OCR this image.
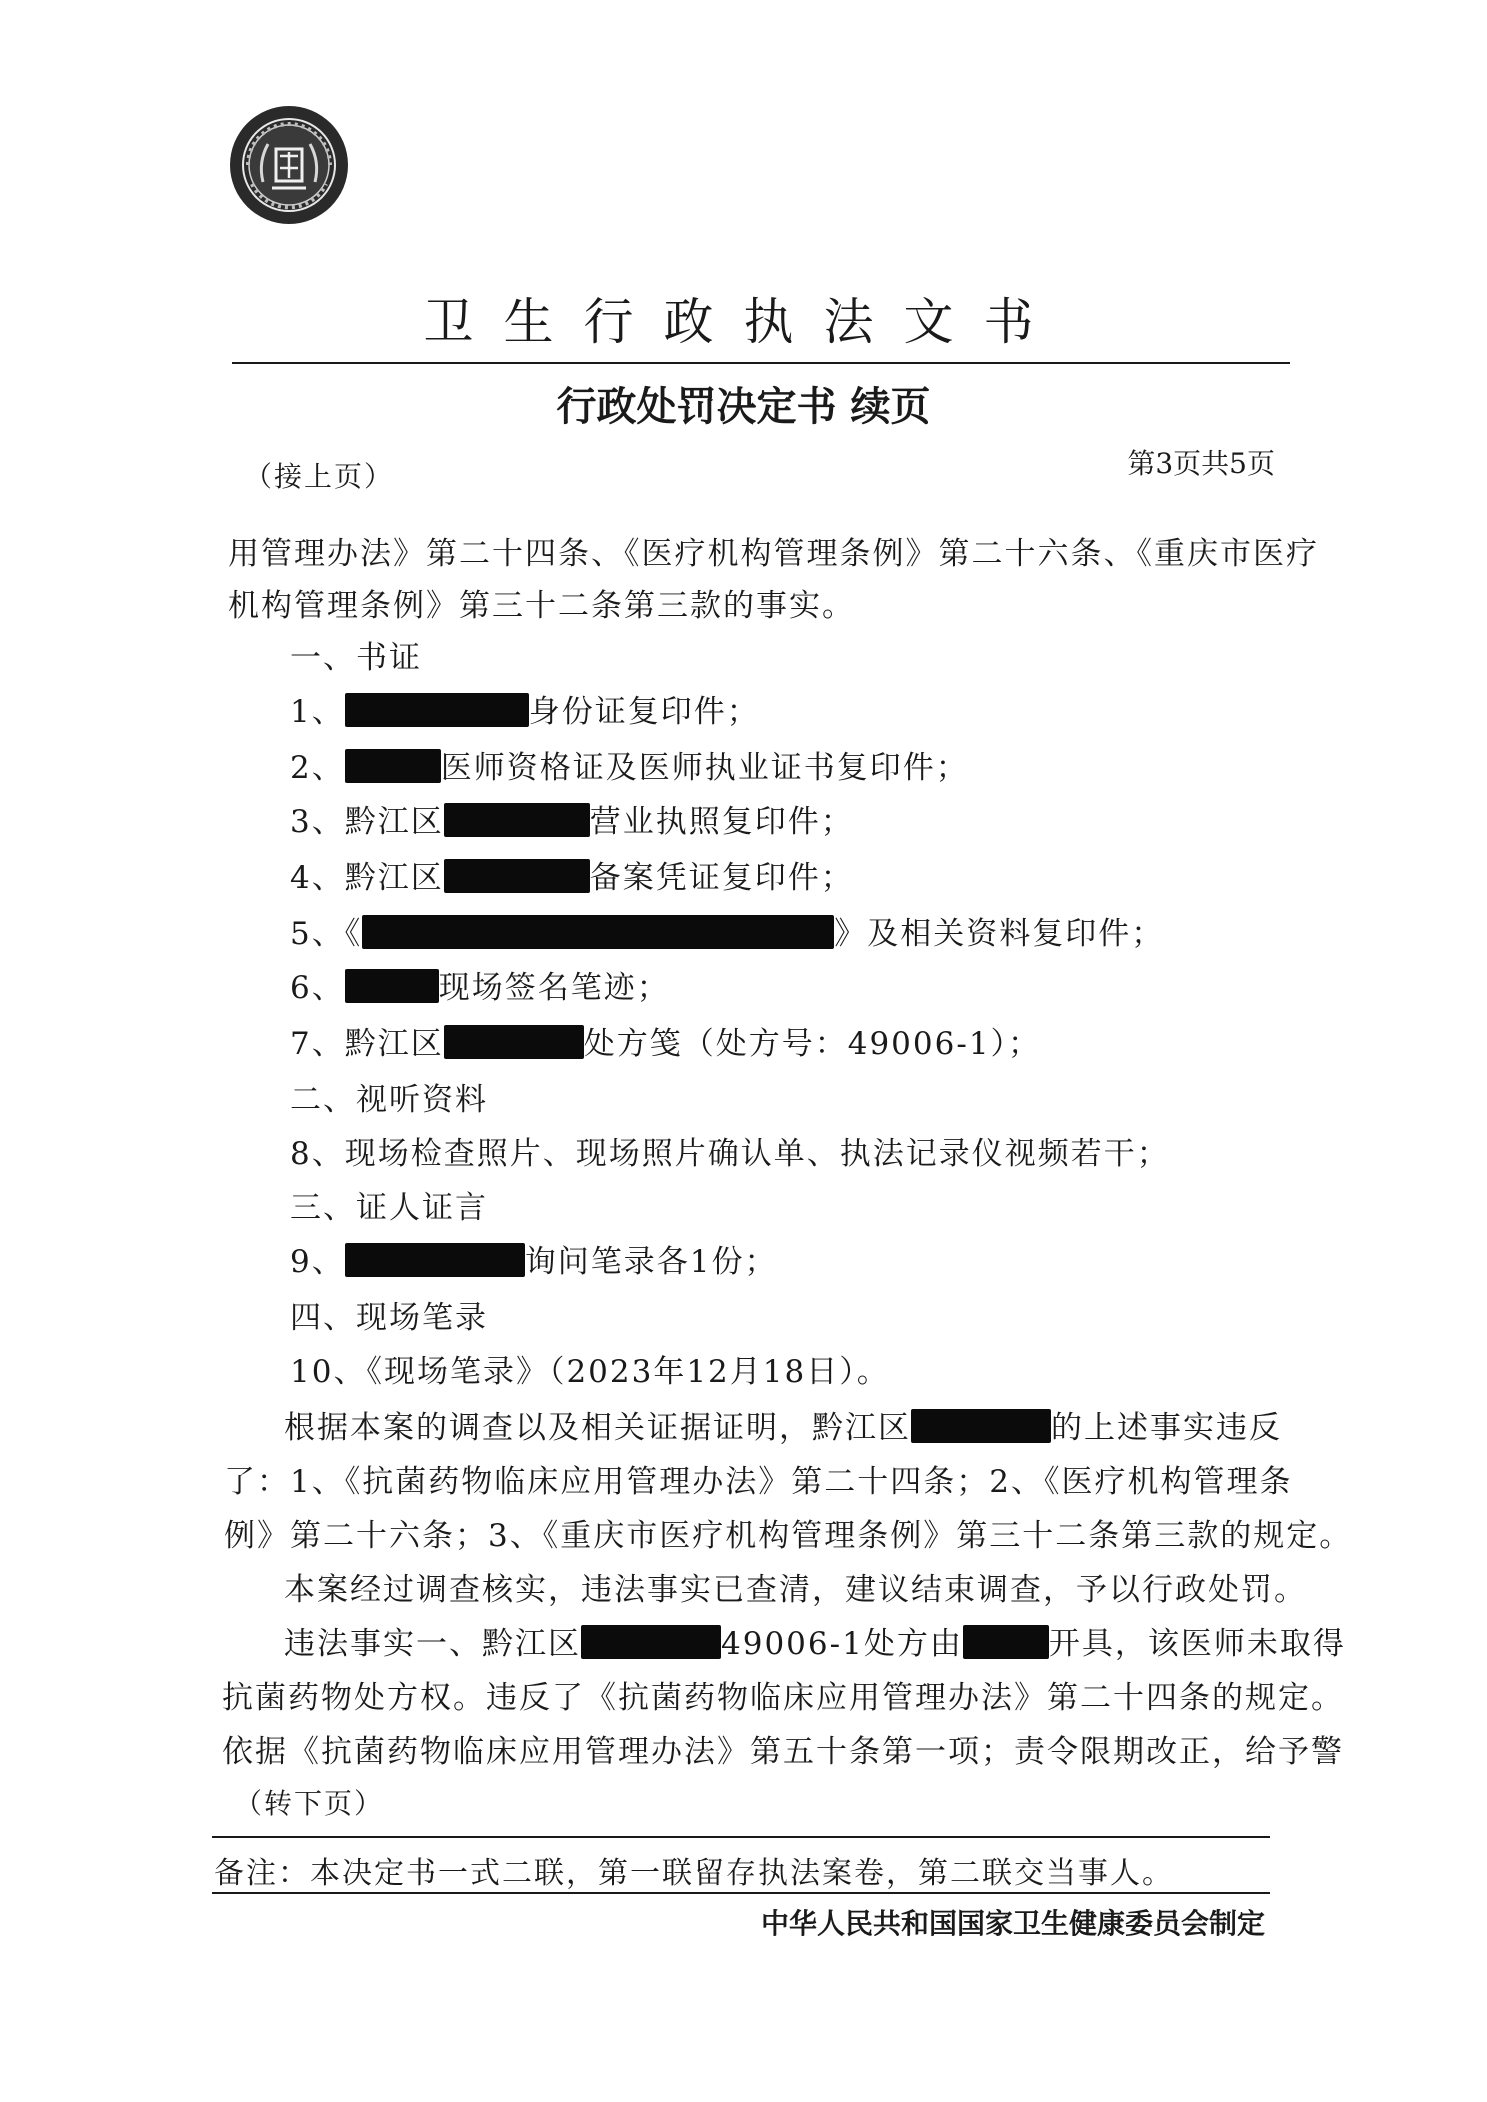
卫生行政执法文书
行政处罚决定书 续页
第3页共5页
（接上页）
用管理办法》第二十四条、《医疗机构管理条例》第二十六条、《重庆市医疗
机构管理条例》第三十二条第三款的事实。
一、书证
1、	身份证复印件；
2、	医师资格证及医师执业证书复印件；
3、黔江区	营业执照复印件；
4、黔江区	备案凭证复印件；
5、《	》及相关资料复印件；
6、	现场签名笔迹；
7、黔江区	处方笺（处方号：49006-1）；
二、视听资料
8、现场检查照片、现场照片确认单、执法记录仪视频若干；
三、证人证言
9、	询问笔录各1份；
四、现场笔录
10、《现场笔录》（2023年12月18日）。
根据本案的调查以及相关证据证明，黔江区	的上述事实违反
了：1、《抗菌药物临床应用管理办法》第二十四条；2、《医疗机构管理条
例》第二十六条；3、《重庆市医疗机构管理条例》第三十二条第三款的规定。
本案经过调查核实，违法事实已查清，建议结束调查，予以行政处罚。
违法事实一、黔江区	49006-1处方由	开具，该医师未取得
抗菌药物处方权。违反了《抗菌药物临床应用管理办法》第二十四条的规定。
依据《抗菌药物临床应用管理办法》第五十条第一项；责令限期改正，给予警
（转下页）
备注：本决定书一式二联，第一联留存执法案卷，第二联交当事人。
中华人民共和国国家卫生健康委员会制定
